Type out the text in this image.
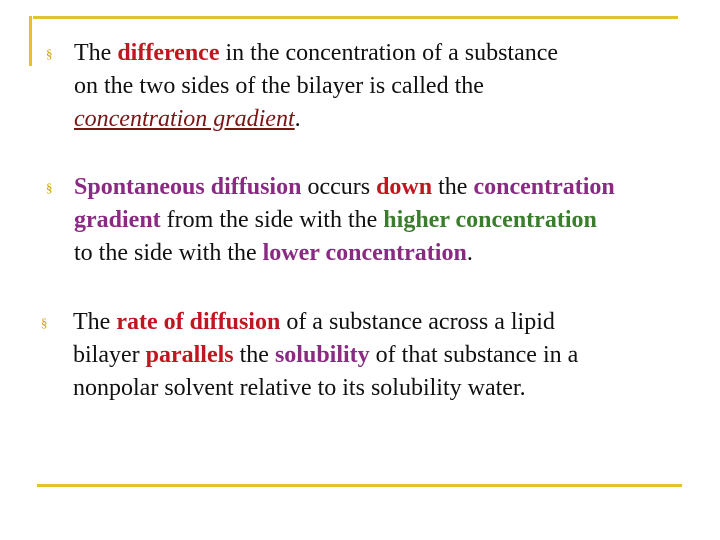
§ The difference in the concentration of a substance
on the two sides of the bilayer is called the
concentration gradient.
§ Spontaneous diffusion occurs down the concentration
gradient from the side with the higher concentration
to the side with the lower concentration.
§	The rate of diffusion of a substance across a lipid
bilayer parallels the solubility of that substance in a
nonpolar solvent relative to its solubility water.
